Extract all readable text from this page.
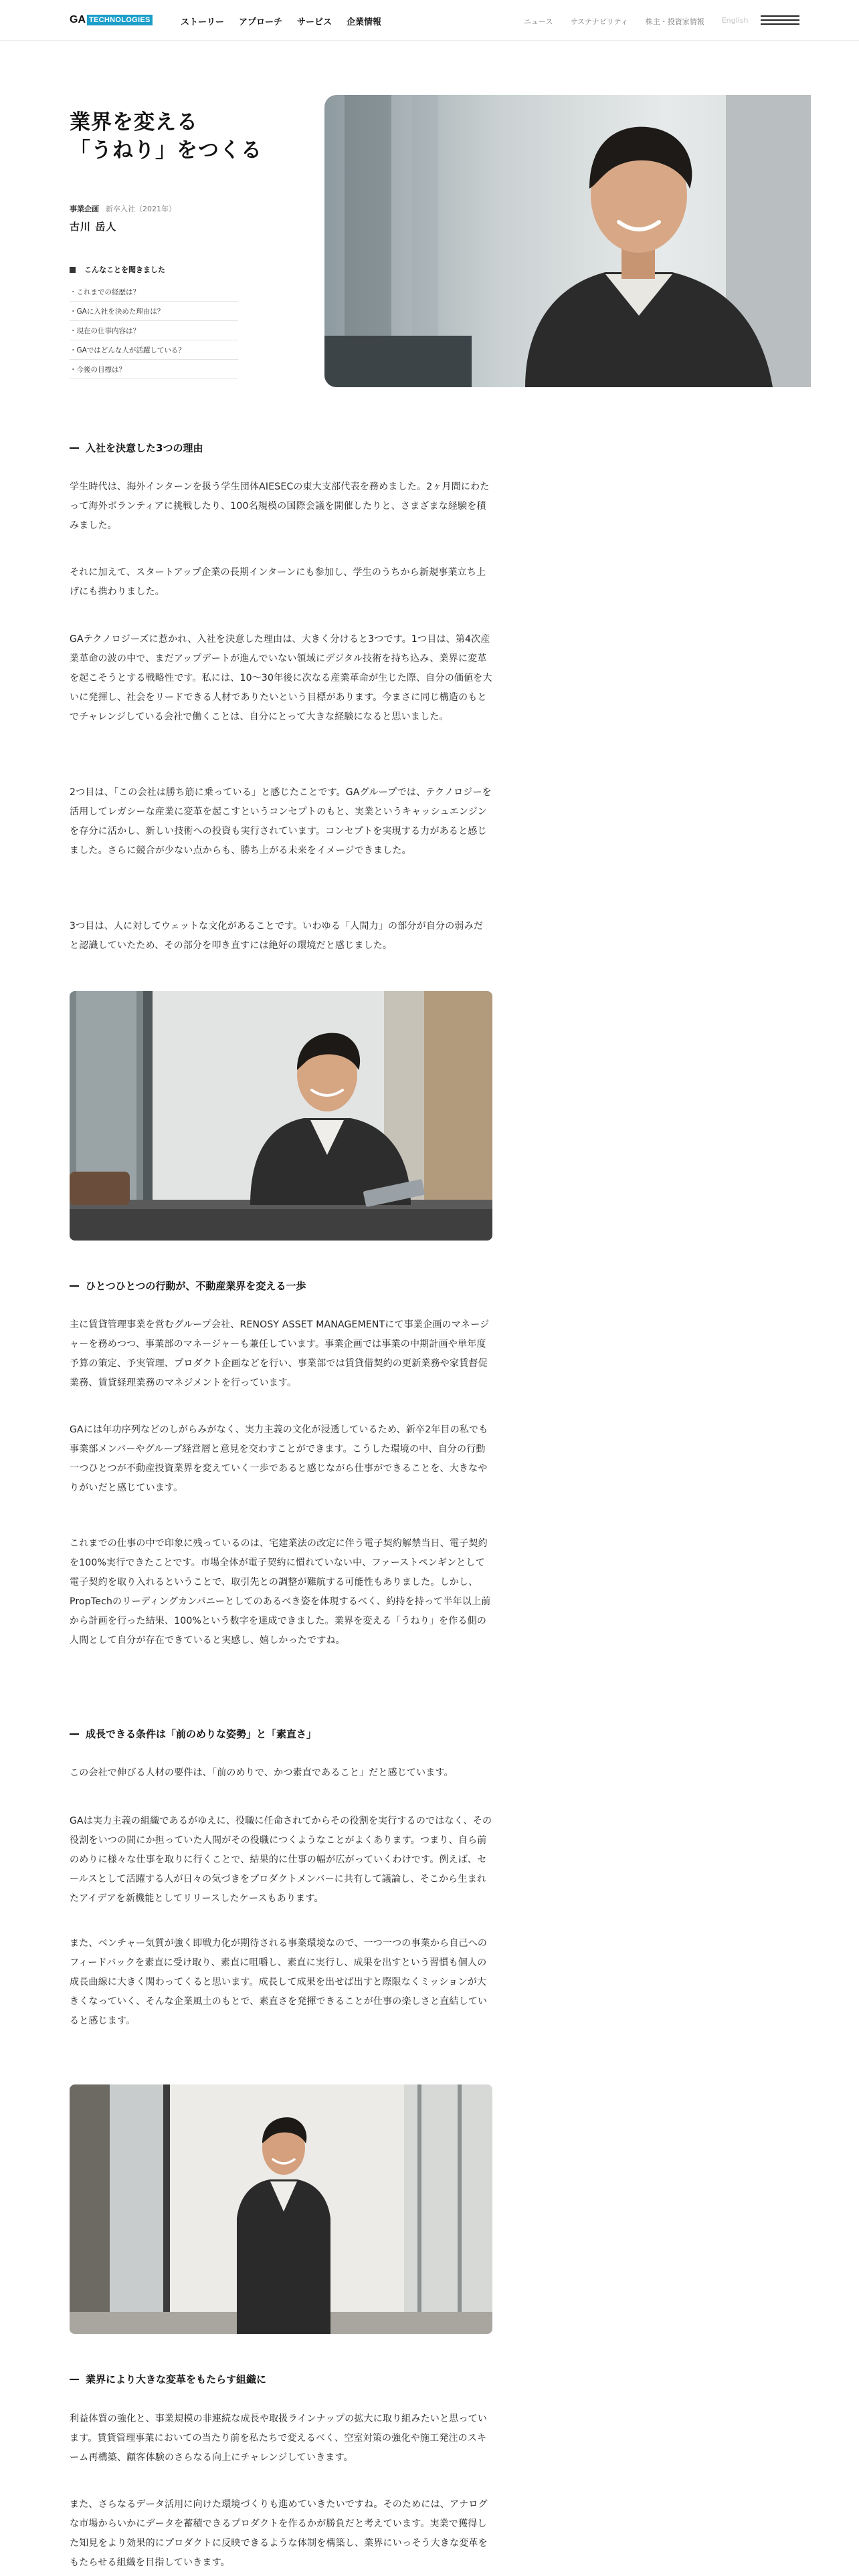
GA TECHNOLOGIES	ストーリー アプローチ サービス 企業情報	ニュース サステナビリティ 株主・投資家情報 English
業界を変える
「うねり」をつくる
事業企画 新卒入社（2021年）
古川 岳人
こんなことを聞きました
・これまでの経歴は？
・GAに入社を決めた理由は？
・現在の仕事内容は？
・GAではどんな人が活躍している？
・今後の目標は？
入社を決意した3つの理由

学生時代は、海外インターンを扱う学生団体AIESECの東大支部代表を務めました。2ヶ月間にわたって海外ボランティアに挑戦したり、100名規模の国際会議を開催したりと、さまざまな経験を積みました。

それに加えて、スタートアップ企業の長期インターンにも参加し、学生のうちから新規事業立ち上げにも携わりました。

GAテクノロジーズに惹かれ、入社を決意した理由は、大きく分けると3つです。1つ目は、第4次産業革命の波の中で、まだアップデートが進んでいない領域にデジタル技術を持ち込み、業界に変革を起こそうとする戦略性です。私には、10〜30年後に次なる産業革命が生じた際、自分の価値を大いに発揮し、社会をリードできる人材でありたいという目標があります。今まさに同じ構造のもとでチャレンジしている会社で働くことは、自分にとって大きな経験になると思いました。

2つ目は、「この会社は勝ち筋に乗っている」と感じたことです。GAグループでは、テクノロジーを活用してレガシーな産業に変革を起こすというコンセプトのもと、実業というキャッシュエンジンを存分に活かし、新しい技術への投資も実行されています。コンセプトを実現する力があると感じました。さらに競合が少ない点からも、勝ち上がる未来をイメージできました。

3つ目は、人に対してウェットな文化があることです。いわゆる「人間力」の部分が自分の弱みだと認識していたため、その部分を叩き直すには絶好の環境だと感じました。

ひとつひとつの行動が、不動産業界を変える一歩

主に賃貸管理事業を営むグループ会社、RENOSY ASSET MANAGEMENTにて事業企画のマネージャーを務めつつ、事業部のマネージャーも兼任しています。事業企画では事業の中期計画や単年度予算の策定、予実管理、プロダクト企画などを行い、事業部では賃貸借契約の更新業務や家賃督促業務、賃貸経理業務のマネジメントを行っています。

GAには年功序列などのしがらみがなく、実力主義の文化が浸透しているため、新卒2年目の私でも事業部メンバーやグループ経営層と意見を交わすことができます。こうした環境の中、自分の行動一つひとつが不動産投資業界を変えていく一歩であると感じながら仕事ができることを、大きなやりがいだと感じています。

これまでの仕事の中で印象に残っているのは、宅建業法の改定に伴う電子契約解禁当日、電子契約を100%実行できたことです。市場全体が電子契約に慣れていない中、ファーストペンギンとして電子契約を取り入れるということで、取引先との調整が難航する可能性もありました。しかし、PropTechのリーディングカンパニーとしてのあるべき姿を体現するべく、約持を持って半年以上前から計画を行った結果、100%という数字を達成できました。業界を変える「うねり」を作る側の人間として自分が存在できていると実感し、嬉しかったですね。

成長できる条件は「前のめりな姿勢」と「素直さ」

この会社で伸びる人材の要件は、「前のめりで、かつ素直であること」だと感じています。

GAは実力主義の組織であるがゆえに、役職に任命されてからその役割を実行するのではなく、その役割をいつの間にか担っていた人間がその役職につくようなことがよくあります。つまり、自ら前のめりに様々な仕事を取りに行くことで、結果的に仕事の幅が広がっていくわけです。例えば、セールスとして活躍する人が日々の気づきをプロダクトメンバーに共有して議論し、そこから生まれたアイデアを新機能としてリリースしたケースもあります。

また、ベンチャー気質が強く即戦力化が期待される事業環境なので、一つ一つの事業から自己へのフィードバックを素直に受け取り、素直に咀嚼し、素直に実行し、成果を出すという習慣も個人の成長曲線に大きく関わってくると思います。成長して成果を出せば出すと際限なくミッションが大きくなっていく、そんな企業風土のもとで、素直さを発揮できることが仕事の楽しさと直結していると感じます。

業界により大きな変革をもたらす組織に

利益体質の強化と、事業規模の非連続な成長や取扱ラインナップの拡大に取り組みたいと思っています。賃貸管理事業においての当たり前を私たちで変えるべく、空室対策の強化や施工発注のスキーム再構築、顧客体験のさらなる向上にチャレンジしていきます。

また、さらなるデータ活用に向けた環境づくりも進めていきたいですね。そのためには、アナログな市場からいかにデータを蓄積できるプロダクトを作るかが勝負だと考えています。実業で獲得した知見をより効果的にプロダクトに反映できるような体制を構築し、業界にいっそう大きな変革をもたらせる組織を目指していきます。
